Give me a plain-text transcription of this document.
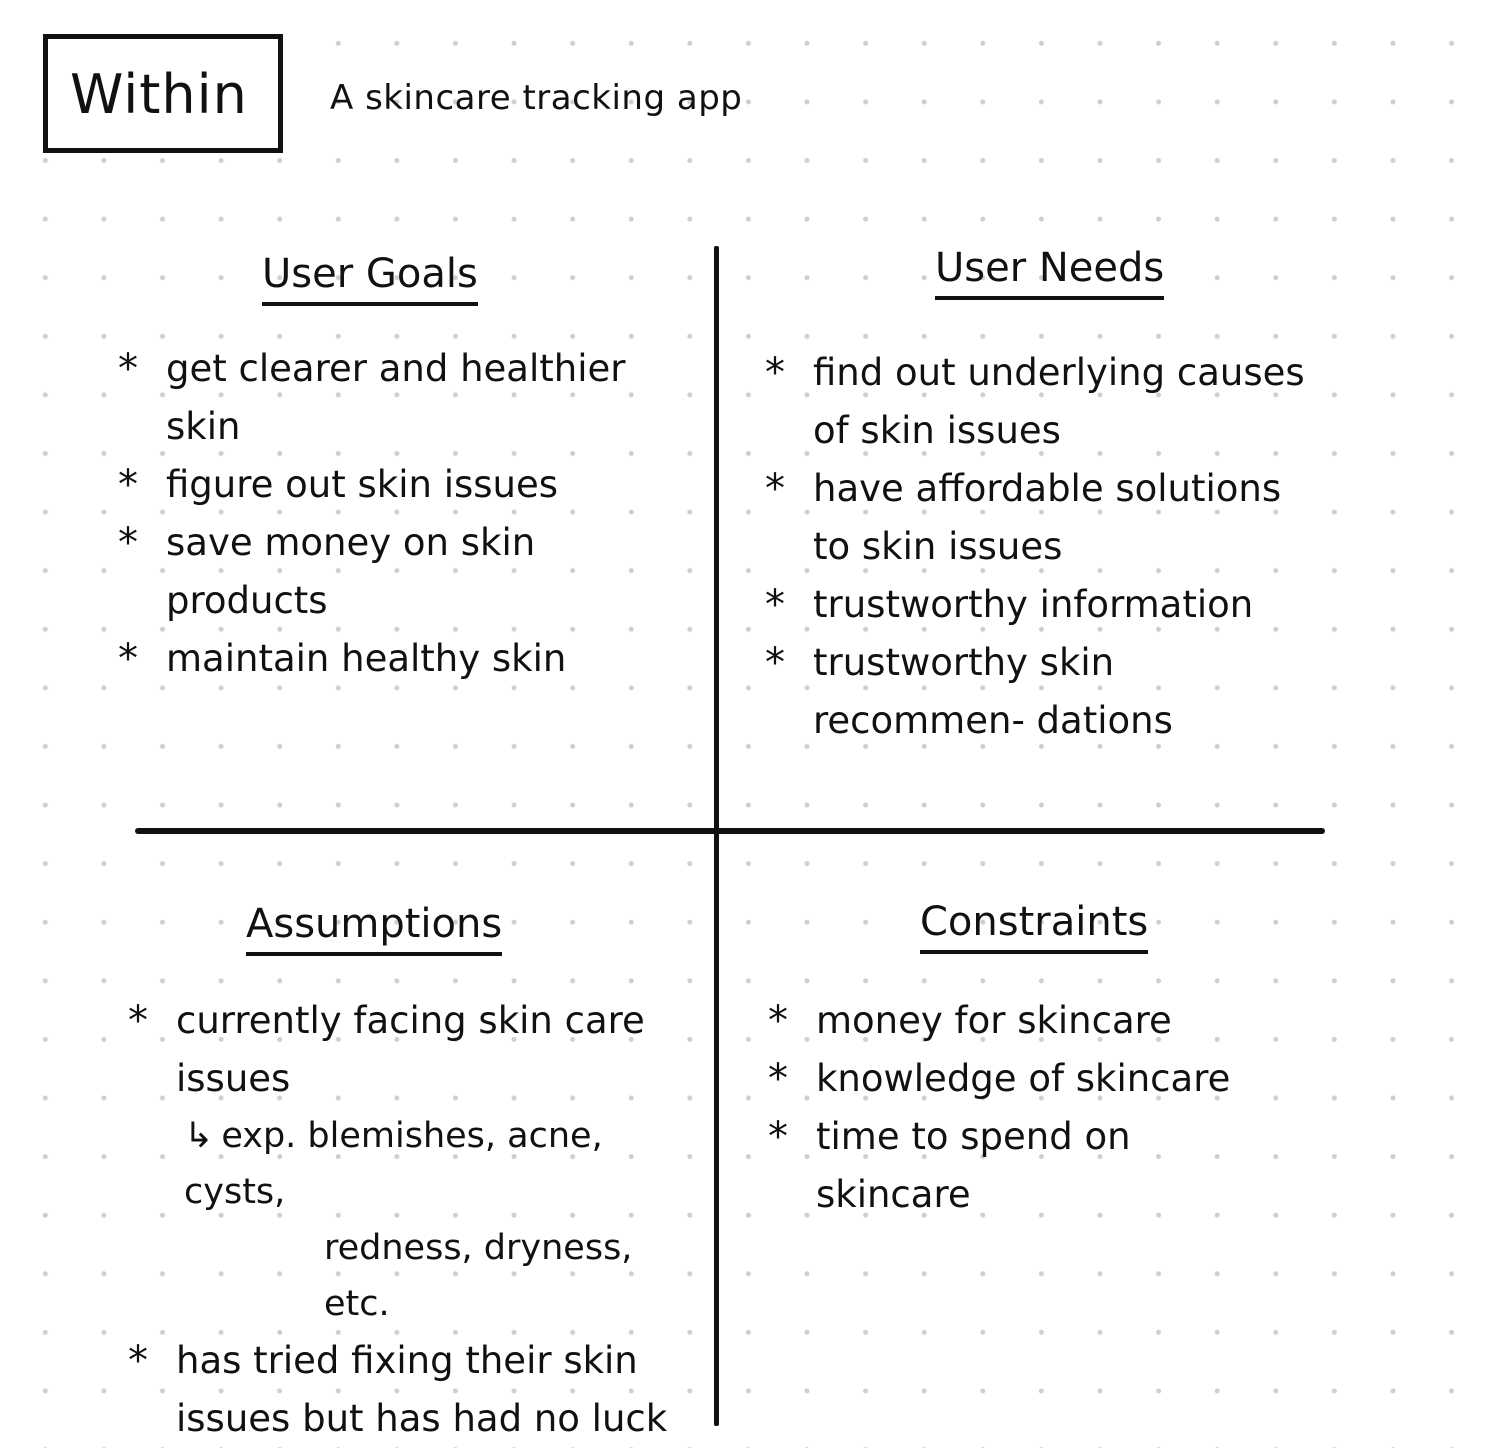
Within A skincare tracking app
User Goals
* get clearer and healthier skin
* figure out skin issues
* save money on skin products
* maintain healthy skin
User Needs
* find out underlying causes of skin issues
* have affordable solutions to skin issues
* trustworthy information
* trustworthy skin recommen- dations
Assumptions
* currently facing skin care issues
↳ exp. blemishes, acne, cysts,
redness, dryness, etc.
* has tried fixing their skin issues but has had no luck
Constraints
* money for skincare
* knowledge of skincare
* time to spend on skincare
